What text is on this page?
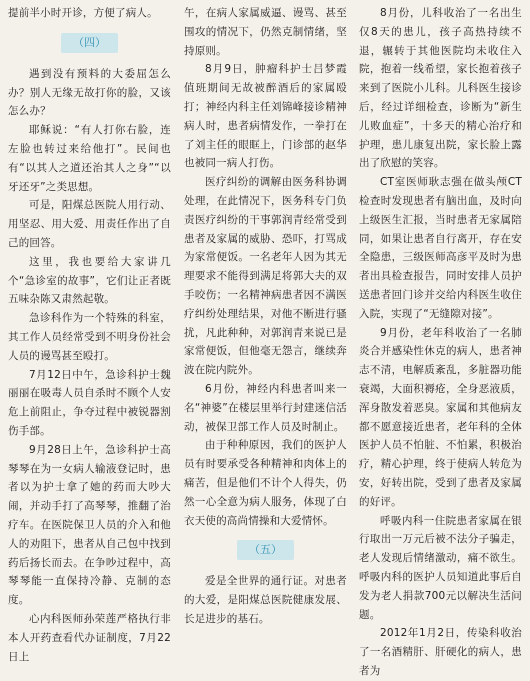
提前半小时开诊，方便了病人。

（四）

遇到没有预料的大委屈怎么办？别人无缘无故打你的脸，又该怎么办？

耶稣说：“有人打你右脸，连左脸也转过来给他打”。民间也有“以其人之道还治其人之身”“以牙还牙”之类思想。

可是，阳煤总医院人用行动、用坚忍、用大爱、用责任作出了自己的回答。

这里，我也要给大家讲几个“急诊室的故事”，它们让正者既五味杂陈又肃然起敬。

急诊科作为一个特殊的科室，其工作人员经常受到不明身份社会人员的谩骂甚至殴打。

7月12日中午，急诊科护士魏丽丽在吸毒人员自杀时不顾个人安危上前阻止，争夺过程中被锐器割伤手部。

9月28日上午，急诊科护士高琴琴在为一女病人输液登记时，患者以为护士拿了她的药而大吵大闹，并动手打了高琴琴，推翻了治疗车。在医院保卫人员的介入和他人的劝阻下，患者从自己包中找到药后扬长而去。在争吵过程中，高琴琴能一直保持冷静、克制的态度。

心内科医师孙荣莲严格执行非本人开药查看代办证制度，7月22日上

午，在病人家属威逼、谩骂、甚至围攻的情况下，仍然克制情绪，坚持原则。

8月9日，肿瘤科护士吕梦霞值班期间无故被醉酒后的家属殴打；神经内科主任刘锦峰接诊精神病人时，患者病情发作，一拳打在了刘主任的眼眶上，门诊部的赵华也被同一病人打伤。

医疗纠纷的调解由医务科协调处理，在此情况下，医务科专门负责医疗纠纷的干事郭润青经常受到患者及家属的威胁、恐吓，打骂成为家常便饭。一名老年人因为其无理要求不能得到满足将郭大夫的双手咬伤；一名精神病患者因不满医疗纠纷处理结果，对他不断进行骚扰，凡此种种，对郭润青来说已是家常便饭，但他毫无怨言，继续奔波在院内院外。

6月份，神经内科患者叫来一名“神婆”在楼层里举行封建迷信活动，被保卫部工作人员及时制止。

由于种种原因，我们的医护人员有时要承受各种精神和肉体上的痛苦，但是他们不计个人得失，仍然一心全意为病人服务，体现了白衣天使的高尚情操和大爱情怀。

（五）

爱是全世界的通行证。对患者的大爱，是阳煤总医院健康发展、长足进步的基石。

8月份，儿科收治了一名出生仅8天的患儿，孩子高热持续不退，辗转于其他医院均未收住入院，抱着一线希望，家长抱着孩子来到了医院小儿科。儿科医生接诊后，经过详细检查，诊断为“新生儿败血症”，十多天的精心治疗和护理，患儿康复出院，家长脸上露出了欣慰的笑容。

CT室医师耿志强在做头颅CT检查时发现患者有脑出血，及时向上级医生汇报，当时患者无家属陪同，如果让患者自行离开，存在安全隐患，三级医师高彦平及时为患者出具检查报告，同时安排人员护送患者回门诊并交给内科医生收住入院，实现了“无缝隙对接”。

9月份，老年科收治了一名肺炎合并感染性休克的病人，患者神志不清，电解质紊乱，多脏器功能衰竭，大面积褥疮，全身恶液质，浑身散发着恶臭。家属和其他病友都不愿意接近患者，老年科的全体医护人员不怕脏、不怕累，积极治疗，精心护理，终于使病人转危为安，好转出院，受到了患者及家属的好评。

呼吸内科一住院患者家属在银行取出一万元后被不法分子骗走，老人发现后情绪激动，痛不欲生。呼吸内科的医护人员知道此事后自发为老人捐款700元以解决生活问题。

2012年1月2日，传染科收治了一名酒精肝、肝硬化的病人，患者为
